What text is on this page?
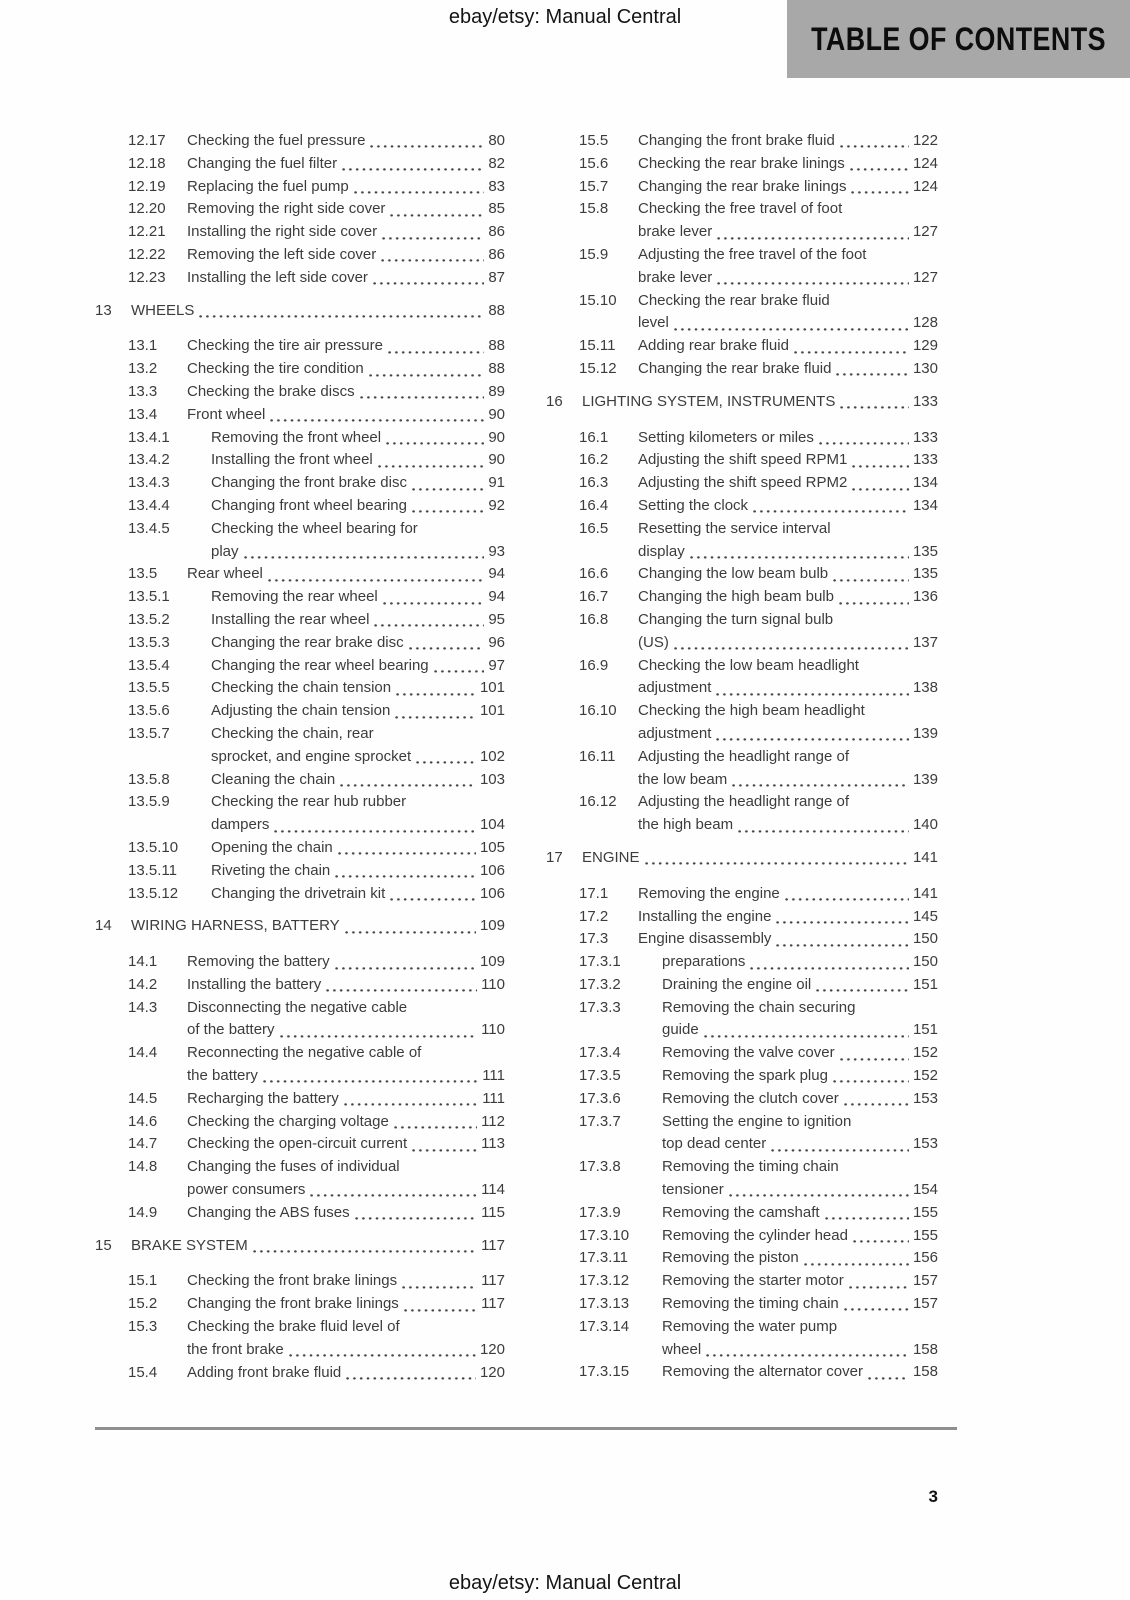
ebay/etsy: Manual Central
TABLE OF CONTENTS
12.17	Checking the fuel pressure	80
12.18	Changing the fuel filter	82
12.19	Replacing the fuel pump	83
12.20	Removing the right side cover	85
12.21	Installing the right side cover	86
12.22	Removing the left side cover	86
12.23	Installing the left side cover	87
13	WHEELS	88
13.1	Checking the tire air pressure	88
13.2	Checking the tire condition	88
13.3	Checking the brake discs	89
13.4	Front wheel	90
13.4.1	Removing the front wheel	90
13.4.2	Installing the front wheel	90
13.4.3	Changing the front brake disc	91
13.4.4	Changing front wheel bearing	92
13.4.5	Checking the wheel bearing for
play	93
13.5	Rear wheel	94
13.5.1	Removing the rear wheel	94
13.5.2	Installing the rear wheel	95
13.5.3	Changing the rear brake disc	96
13.5.4	Changing the rear wheel bearing	97
13.5.5	Checking the chain tension	101
13.5.6	Adjusting the chain tension	101
13.5.7	Checking the chain, rear
sprocket, and engine sprocket	102
13.5.8	Cleaning the chain	103
13.5.9	Checking the rear hub rubber
dampers	104
13.5.10	Opening the chain	105
13.5.11	Riveting the chain	106
13.5.12	Changing the drivetrain kit	106
14	WIRING HARNESS, BATTERY	109
14.1	Removing the battery	109
14.2	Installing the battery	110
14.3	Disconnecting the negative cable
of the battery	110
14.4	Reconnecting the negative cable of
the battery	111
14.5	Recharging the battery	111
14.6	Checking the charging voltage	112
14.7	Checking the open-circuit current	113
14.8	Changing the fuses of individual
power consumers	114
14.9	Changing the ABS fuses	115
15	BRAKE SYSTEM	117
15.1	Checking the front brake linings	117
15.2	Changing the front brake linings	117
15.3	Checking the brake fluid level of
the front brake	120
15.4	Adding front brake fluid	120
15.5	Changing the front brake fluid	122
15.6	Checking the rear brake linings	124
15.7	Changing the rear brake linings	124
15.8	Checking the free travel of foot
brake lever	127
15.9	Adjusting the free travel of the foot
brake lever	127
15.10	Checking the rear brake fluid
level	128
15.11	Adding rear brake fluid	129
15.12	Changing the rear brake fluid	130
16	LIGHTING SYSTEM, INSTRUMENTS	133
16.1	Setting kilometers or miles	133
16.2	Adjusting the shift speed RPM1	133
16.3	Adjusting the shift speed RPM2	134
16.4	Setting the clock	134
16.5	Resetting the service interval
display	135
16.6	Changing the low beam bulb	135
16.7	Changing the high beam bulb	136
16.8	Changing the turn signal bulb
(US)	137
16.9	Checking the low beam headlight
adjustment	138
16.10	Checking the high beam headlight
adjustment	139
16.11	Adjusting the headlight range of
the low beam	139
16.12	Adjusting the headlight range of
the high beam	140
17	ENGINE	141
17.1	Removing the engine	141
17.2	Installing the engine	145
17.3	Engine disassembly	150
17.3.1	preparations	150
17.3.2	Draining the engine oil	151
17.3.3	Removing the chain securing
guide	151
17.3.4	Removing the valve cover	152
17.3.5	Removing the spark plug	152
17.3.6	Removing the clutch cover	153
17.3.7	Setting the engine to ignition
top dead center	153
17.3.8	Removing the timing chain
tensioner	154
17.3.9	Removing the camshaft	155
17.3.10	Removing the cylinder head	155
17.3.11	Removing the piston	156
17.3.12	Removing the starter motor	157
17.3.13	Removing the timing chain	157
17.3.14	Removing the water pump
wheel	158
17.3.15	Removing the alternator cover	158
3
ebay/etsy: Manual Central
